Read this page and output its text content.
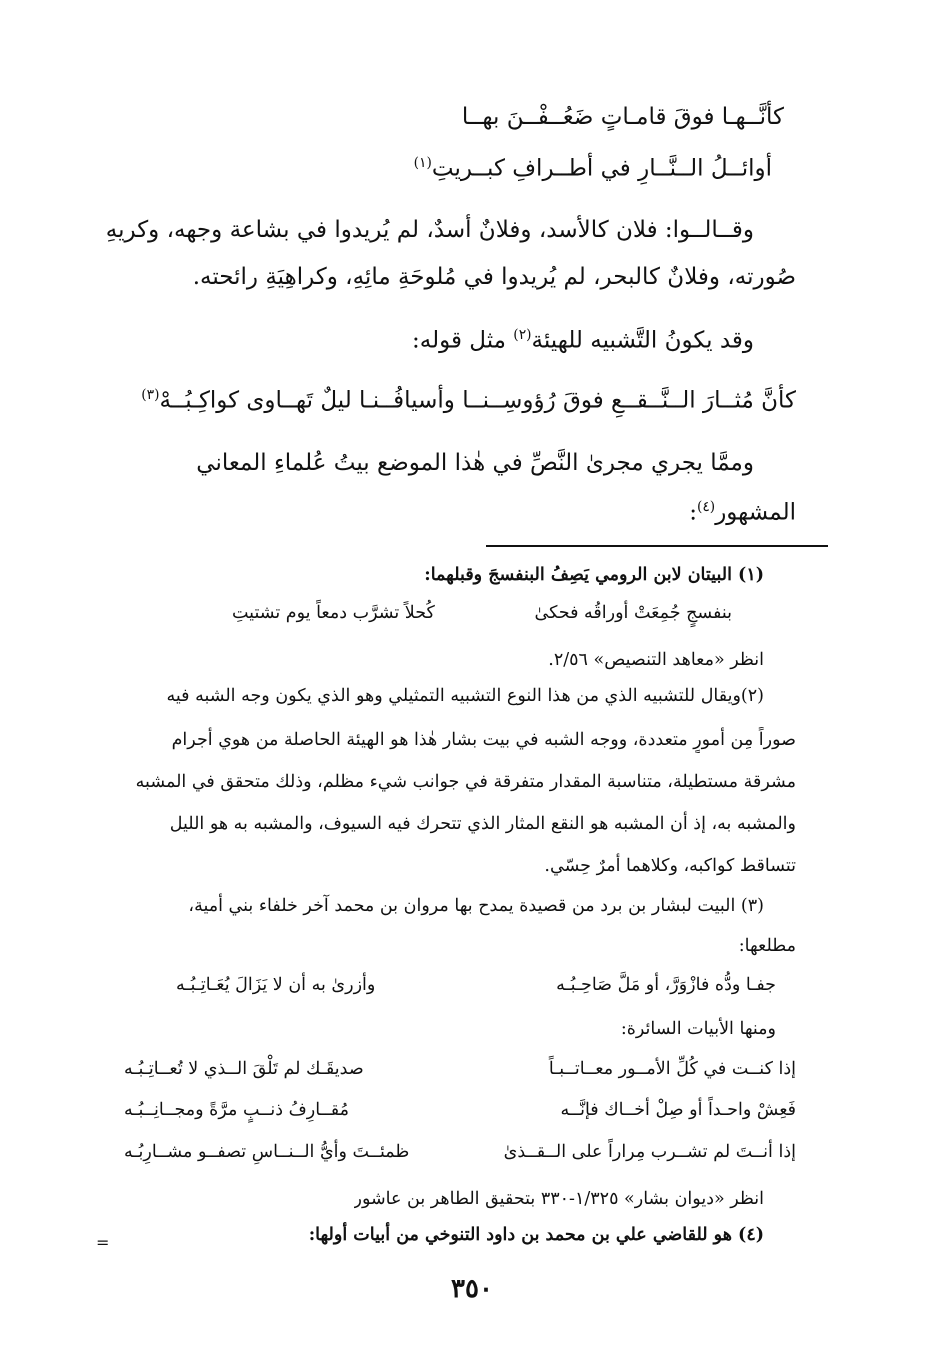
كأنَّــهـا فوقَ قامـاتٍ ضَعُــفْــنَ بهــا
أوائــلُ الــنَّــارِ في أطــرافِ كبــريتِ$^{(١)}$
وقــالــوا: فلان كالأسد، وفلانٌ أسدٌ، لم يُريدوا في بشاعة وجهه، وكريهِ
صُورته، وفلانٌ كالبحر، لم يُريدوا في مُلوحَةِ مائِهِ، وكراهِيَةِ رائحته.
وقد يكونُ التَّشبيه للهيئة$^{(٢)}$ مثل قوله:
كأنَّ مُثــارَ الــنَّــقــعِ فوقَ رُؤوسِــنــا وأسيافُــنـا ليلٌ تَهــاوى كواكِـبُــهْ$^{(٣)}$
وممَّا يجري مجرىٰ النَّصِّ في هٰذا الموضع بيتُ عُلماءِ المعاني
المشهور$^{(٤)}$:
(١) البيتان لابن الرومي يَصِفُ البنفسجَ وقبلهما:
بنفسجٍ جُمِعَتْ أوراقُه فحكىٰ
كُحلاً تشرَّب دمعاً يوم تشتيتِ
انظر «معاهد التنصيص» ٢/٥٦.
(٢)ويقال للتشبيه الذي من هذا النوع التشبيه التمثيلي وهو الذي يكون وجه الشبه فيه
صوراً مِن أمورٍ متعددة، ووجه الشبه في بيت بشار هٰذا هو الهيئة الحاصلة من هوي أجرام
مشرقة مستطيلة، متناسبة المقدار متفرقة في جوانب شيء مظلم، وذلك متحقق في المشبه
والمشبه به، إذ أن المشبه هو النقع المثار الذي تتحرك فيه السيوف، والمشبه به هو الليل
تتساقط كواكبه، وكلاهما أمرٌ حِسّي.
(٣) البيت لبشار بن برد من قصيدة يمدح بها مروان بن محمد آخر خلفاء بني أمية،
مطلعها:
جفـا ودُّه فازْوَرَّ، أو مَلَّ صَاحِـبُـه
وأزرىٰ به أن لا يَزَالَ يُعَـاتِـبُـه
ومنها الأبيات السائرة:
إذا كنــت في كُلِّ الأمــور معــاتــبـاً
صديقَـك لم تَلْقَ الــذي لا تُعــاتِـبُـه
فَعِشْ واحـداً أو صِلْ أخــاك فإنَّــه
مُقــارِفُ ذنــبٍ مرَّةً ومجــانِــبُـه
إذا أنــتَ لم تشــرب مِراراً على الــقــذىٰ
ظمئــتَ وأيُّ الــنــاسِ تصفــو مشــارِبُـه
انظر «ديوان بشار» ١/٣٢٥-٣٣٠ بتحقيق الطاهر بن عاشور
(٤) هو للقاضي علي بن محمد بن داود التنوخي من أبيات أولها:
=
٣٥٠
